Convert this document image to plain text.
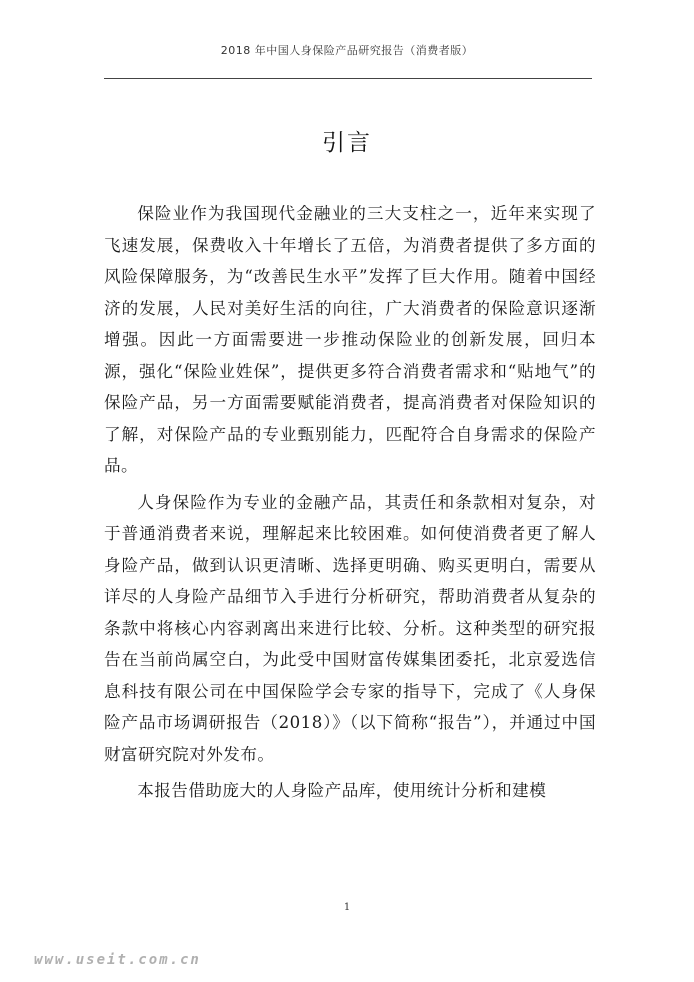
2018 年中国人身保险产品研究报告（消费者版）
引言

保险业作为我国现代金融业的三大支柱之一，近年来实现了飞速发展，保费收入十年增长了五倍，为消费者提供了多方面的风险保障服务，为“改善民生水平”发挥了巨大作用。随着中国经济的发展，人民对美好生活的向往，广大消费者的保险意识逐渐增强。因此一方面需要进一步推动保险业的创新发展，回归本源，强化“保险业姓保”，提供更多符合消费者需求和“贴地气”的保险产品，另一方面需要赋能消费者，提高消费者对保险知识的了解，对保险产品的专业甄别能力，匹配符合自身需求的保险产品。

人身保险作为专业的金融产品，其责任和条款相对复杂，对于普通消费者来说，理解起来比较困难。如何使消费者更了解人身险产品，做到认识更清晰、选择更明确、购买更明白，需要从详尽的人身险产品细节入手进行分析研究，帮助消费者从复杂的条款中将核心内容剥离出来进行比较、分析。这种类型的研究报告在当前尚属空白，为此受中国财富传媒集团委托，北京爱选信息科技有限公司在中国保险学会专家的指导下，完成了《人身保险产品市场调研报告（2018）》（以下简称“报告”），并通过中国财富研究院对外发布。

本报告借助庞大的人身险产品库，使用统计分析和建模

1
www.useit.com.cn
